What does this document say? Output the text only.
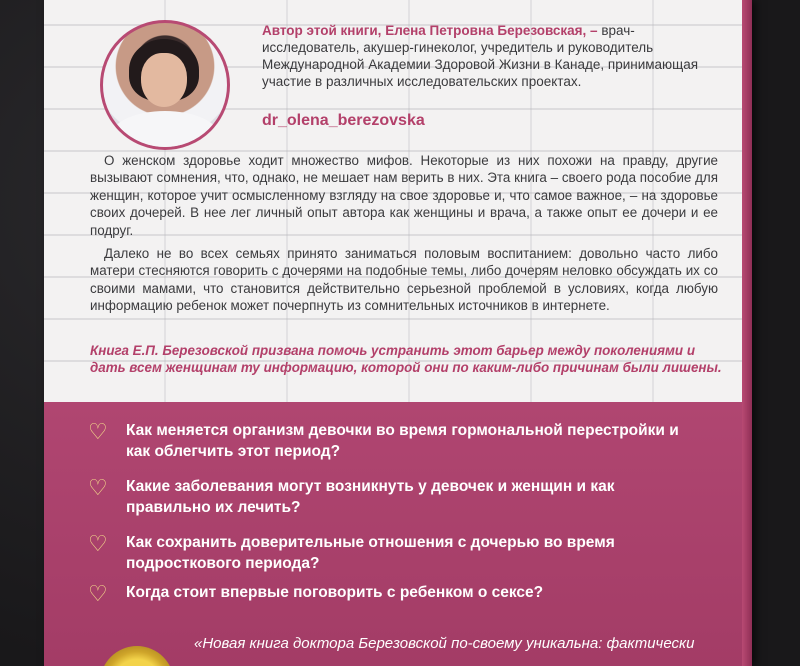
Автор этой книги, Елена Петровна Березовская, – врач-исследователь, акушер-гинеколог, учредитель и руководитель Международной Академии Здоровой Жизни в Канаде, принимающая участие в различных исследовательских проектах.
dr_olena_berezovska

О женском здоровье ходит множество мифов. Некоторые из них похожи на правду, другие вызывают сомнения, что, однако, не мешает нам верить в них. Эта книга – своего рода пособие для женщин, которое учит осмысленному взгляду на свое здоровье и, что самое важное, – на здоровье своих дочерей. В нее лег личный опыт автора как женщины и врача, а также опыт ее дочери и ее подруг.

Далеко не во всех семьях принято заниматься половым воспитанием: довольно часто либо матери стесняются говорить с дочерями на подобные темы, либо дочерям неловко обсуждать их со своими мамами, что становится действительно серьезной проблемой в условиях, когда любую информацию ребенок может почерпнуть из сомнительных источников в интернете.

Книга Е.П. Березовской призвана помочь устранить этот барьер между поколениями и дать всем женщинам ту информацию, которой они по каким-либо причинам были лишены.
♡ Как меняется организм девочки во время гормональной перестройки и как облегчить этот период?
♡ Какие заболевания могут возникнуть у девочек и женщин и как правильно их лечить?
♡ Как сохранить доверительные отношения с дочерью во время подросткового периода?
♡ Когда стоит впервые поговорить с ребенком о сексе?
«Новая книга доктора Березовской по-своему уникальна: фактически
